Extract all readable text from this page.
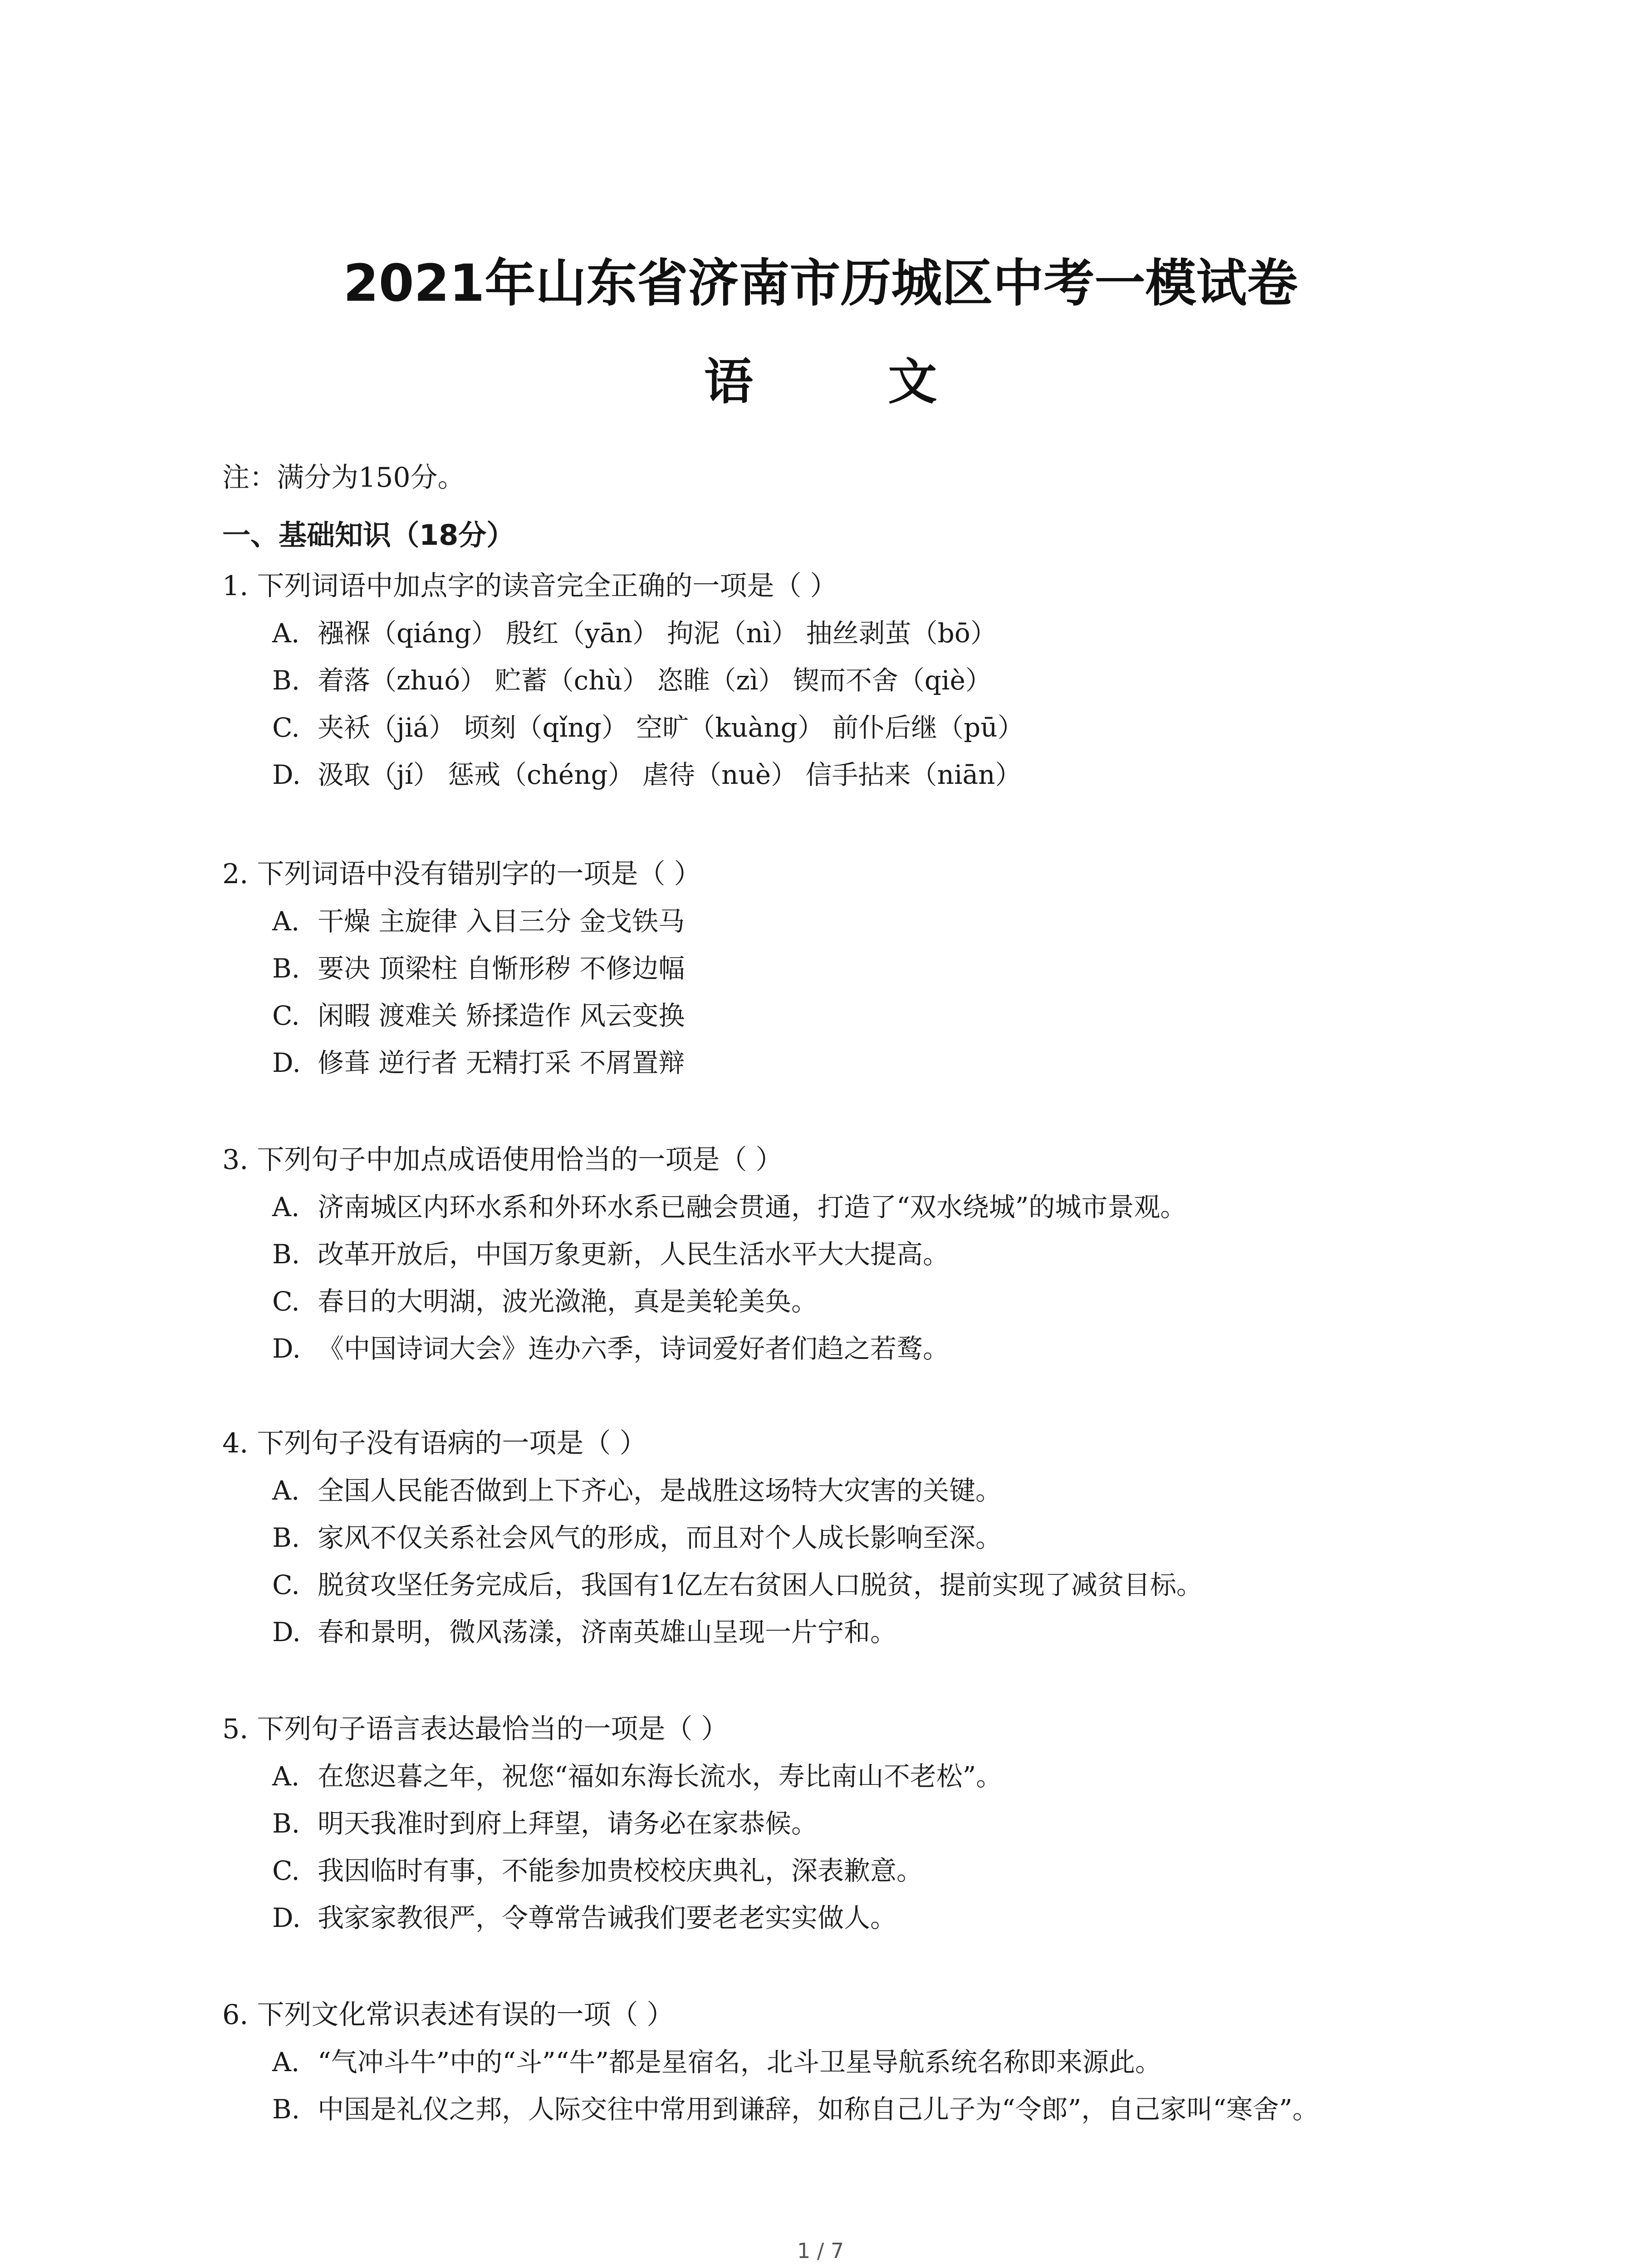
2021年山东省济南市历城区中考一模试卷
语 文
注：满分为150分。
一、基础知识（18分）
1. 下列词语中加点字的读音完全正确的一项是（ ）
A. 襁褓（qiáng） 殷红（yān） 拘泥（nì） 抽丝剥茧（bō）
B. 着落（zhuó） 贮蓄（chù） 恣睢（zì） 锲而不舍（qiè）
C. 夹袄（jiá） 顷刻（qǐng） 空旷（kuàng） 前仆后继（pū）
D. 汲取（jí） 惩戒（chéng） 虐待（nuè） 信手拈来（niān）
2. 下列词语中没有错别字的一项是（ ）
A. 干燥 主旋律 入目三分 金戈铁马
B. 要决 顶梁柱 自惭形秽 不修边幅
C. 闲暇 渡难关 矫揉造作 风云变换
D. 修葺 逆行者 无精打采 不屑置辩
3. 下列句子中加点成语使用恰当的一项是（ ）
A. 济南城区内环水系和外环水系已融会贯通，打造了“双水绕城”的城市景观。
B. 改革开放后，中国万象更新，人民生活水平大大提高。
C. 春日的大明湖，波光潋滟，真是美轮美奂。
D. 《中国诗词大会》连办六季，诗词爱好者们趋之若鹜。
4. 下列句子没有语病的一项是（ ）
A. 全国人民能否做到上下齐心，是战胜这场特大灾害的关键。
B. 家风不仅关系社会风气的形成，而且对个人成长影响至深。
C. 脱贫攻坚任务完成后，我国有1亿左右贫困人口脱贫，提前实现了减贫目标。
D. 春和景明，微风荡漾，济南英雄山呈现一片宁和。
5. 下列句子语言表达最恰当的一项是（ ）
A. 在您迟暮之年，祝您“福如东海长流水，寿比南山不老松”。
B. 明天我准时到府上拜望，请务必在家恭候。
C. 我因临时有事，不能参加贵校校庆典礼，深表歉意。
D. 我家家教很严，令尊常告诫我们要老老实实做人。
6. 下列文化常识表述有误的一项（ ）
A. “气冲斗牛”中的“斗”“牛”都是星宿名，北斗卫星导航系统名称即来源此。
B. 中国是礼仪之邦，人际交往中常用到谦辞，如称自己儿子为“令郎”，自己家叫“寒舍”。
1 / 7
